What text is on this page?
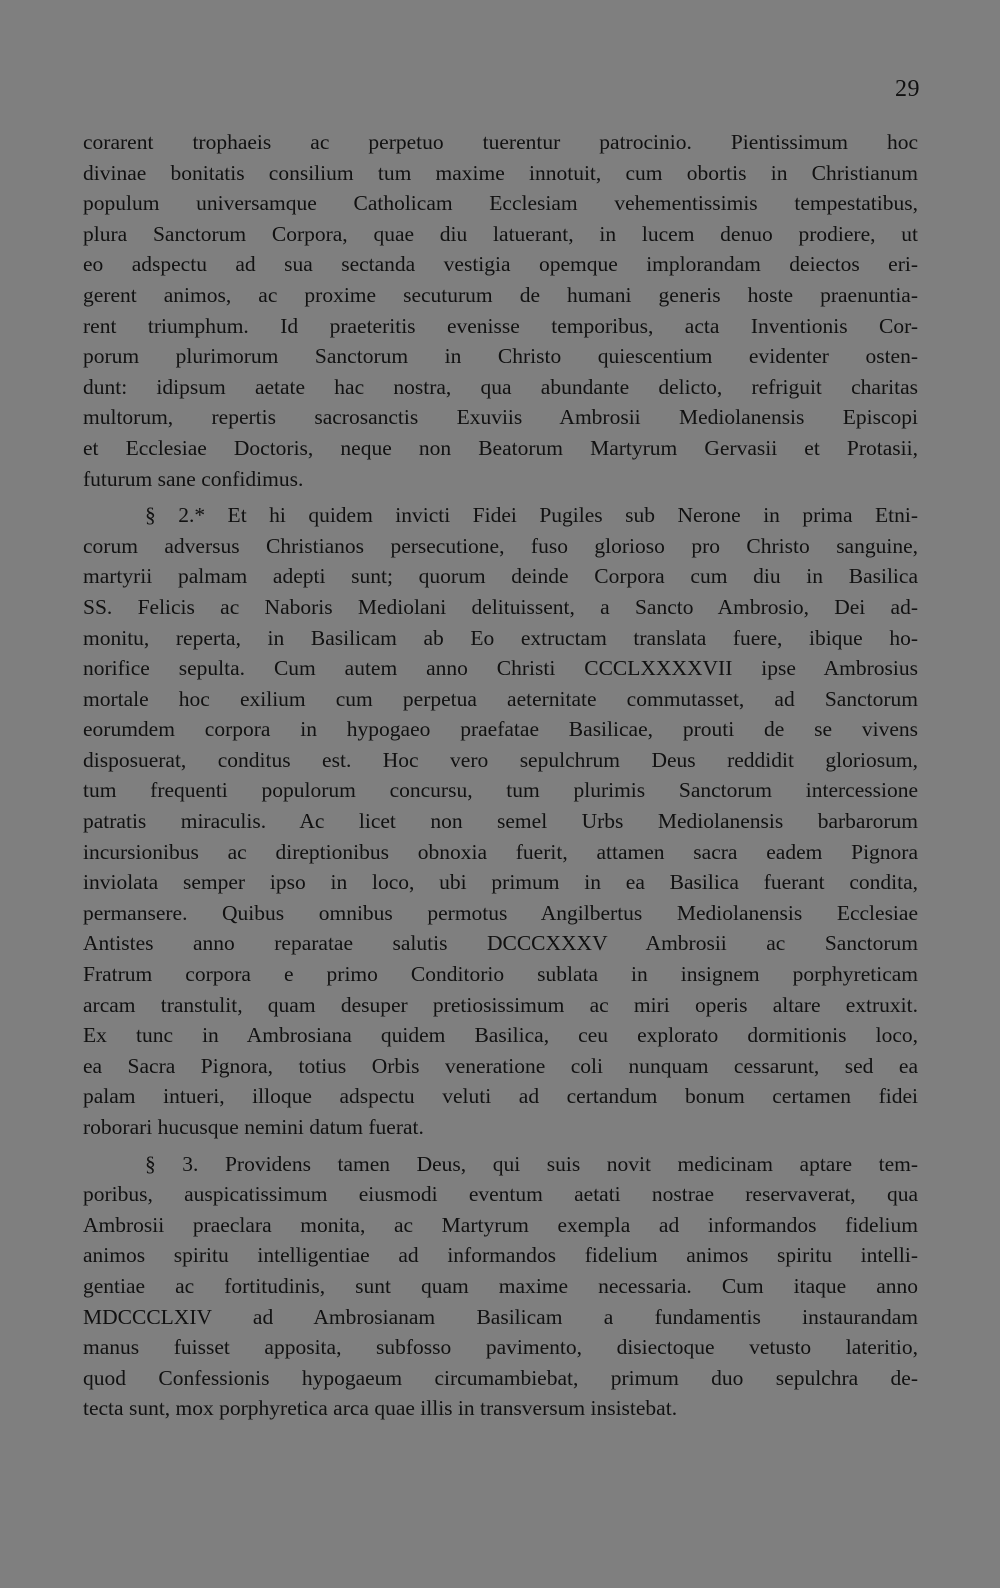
29
corarent trophaeis ac perpetuo tuerentur patrocinio. Pientissimum hoc
divinae bonitatis consilium tum maxime innotuit, cum obortis in Christianum
populum universamque Catholicam Ecclesiam vehementissimis tempestatibus,
plura Sanctorum Corpora, quae diu latuerant, in lucem denuo prodiere, ut
eo adspectu ad sua sectanda vestigia opemque implorandam deiectos eri-
gerent animos, ac proxime secuturum de humani generis hoste praenuntia-
rent triumphum. Id praeteritis evenisse temporibus, acta Inventionis Cor-
porum plurimorum Sanctorum in Christo quiescentium evidenter osten-
dunt: idipsum aetate hac nostra, qua abundante delicto, refriguit charitas
multorum, repertis sacrosanctis Exuviis Ambrosii Mediolanensis Episcopi
et Ecclesiae Doctoris, neque non Beatorum Martyrum Gervasii et Protasii,
futurum sane confidimus.
§ 2.* Et hi quidem invicti Fidei Pugiles sub Nerone in prima Etni-
corum adversus Christianos persecutione, fuso glorioso pro Christo sanguine,
martyrii palmam adepti sunt; quorum deinde Corpora cum diu in Basilica
SS. Felicis ac Naboris Mediolani delituissent, a Sancto Ambrosio, Dei ad-
monitu, reperta, in Basilicam ab Eo extructam translata fuere, ibique ho-
norifice sepulta. Cum autem anno Christi CCCLXXXXVII ipse Ambrosius
mortale hoc exilium cum perpetua aeternitate commutasset, ad Sanctorum
eorumdem corpora in hypogaeo praefatae Basilicae, prouti de se vivens
disposuerat, conditus est. Hoc vero sepulchrum Deus reddidit gloriosum,
tum frequenti populorum concursu, tum plurimis Sanctorum intercessione
patratis miraculis. Ac licet non semel Urbs Mediolanensis barbarorum
incursionibus ac direptionibus obnoxia fuerit, attamen sacra eadem Pignora
inviolata semper ipso in loco, ubi primum in ea Basilica fuerant condita,
permansere. Quibus omnibus permotus Angilbertus Mediolanensis Ecclesiae
Antistes anno reparatae salutis DCCCXXXV Ambrosii ac Sanctorum
Fratrum corpora e primo Conditorio sublata in insignem porphyreticam
arcam transtulit, quam desuper pretiosissimum ac miri operis altare extruxit.
Ex tunc in Ambrosiana quidem Basilica, ceu explorato dormitionis loco,
ea Sacra Pignora, totius Orbis veneratione coli nunquam cessarunt, sed ea
palam intueri, illoque adspectu veluti ad certandum bonum certamen fidei
roborari hucusque nemini datum fuerat.
§ 3. Providens tamen Deus, qui suis novit medicinam aptare tem-
poribus, auspicatissimum eiusmodi eventum aetati nostrae reservaverat, qua
Ambrosii praeclara monita, ac Martyrum exempla ad informandos fidelium
animos spiritu intelligentiae ad informandos fidelium animos spiritu intelli-
gentiae ac fortitudinis, sunt quam maxime necessaria. Cum itaque anno
MDCCCLXIV ad Ambrosianam Basilicam a fundamentis instaurandam
manus fuisset apposita, subfosso pavimento, disiectoque vetusto lateritio,
quod Confessionis hypogaeum circumambiebat, primum duo sepulchra de-
tecta sunt, mox porphyretica arca quae illis in transversum insistebat.
